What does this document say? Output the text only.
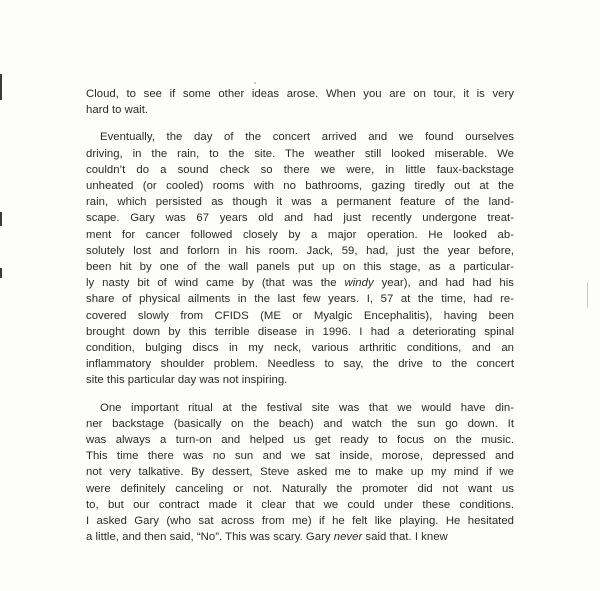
Cloud, to see if some other ideas arose. When you are on tour, it is very
hard to wait.
Eventually, the day of the concert arrived and we found ourselves
driving, in the rain, to the site. The weather still looked miserable. We
couldn’t do a sound check so there we were, in little faux-backstage
unheated (or cooled) rooms with no bathrooms, gazing tiredly out at the
rain, which persisted as though it was a permanent feature of the land-
scape. Gary was 67 years old and had just recently undergone treat-
ment for cancer followed closely by a major operation. He looked ab-
solutely lost and forlorn in his room. Jack, 59, had, just the year before,
been hit by one of the wall panels put up on this stage, as a particular-
ly nasty bit of wind came by (that was the windy year), and had had his
share of physical ailments in the last few years. I, 57 at the time, had re-
covered slowly from CFIDS (ME or Myalgic Encephalitis), having been
brought down by this terrible disease in 1996. I had a deteriorating spinal
condition, bulging discs in my neck, various arthritic conditions, and an
inflammatory shoulder problem. Needless to say, the drive to the concert
site this particular day was not inspiring.
One important ritual at the festival site was that we would have din-
ner backstage (basically on the beach) and watch the sun go down. It
was always a turn-on and helped us get ready to focus on the music.
This time there was no sun and we sat inside, morose, depressed and
not very talkative. By dessert, Steve asked me to make up my mind if we
were definitely canceling or not. Naturally the promoter did not want us
to, but our contract made it clear that we could under these conditions.
I asked Gary (who sat across from me) if he felt like playing. He hesitated
a little, and then said, “No”. This was scary. Gary never said that. I knew
